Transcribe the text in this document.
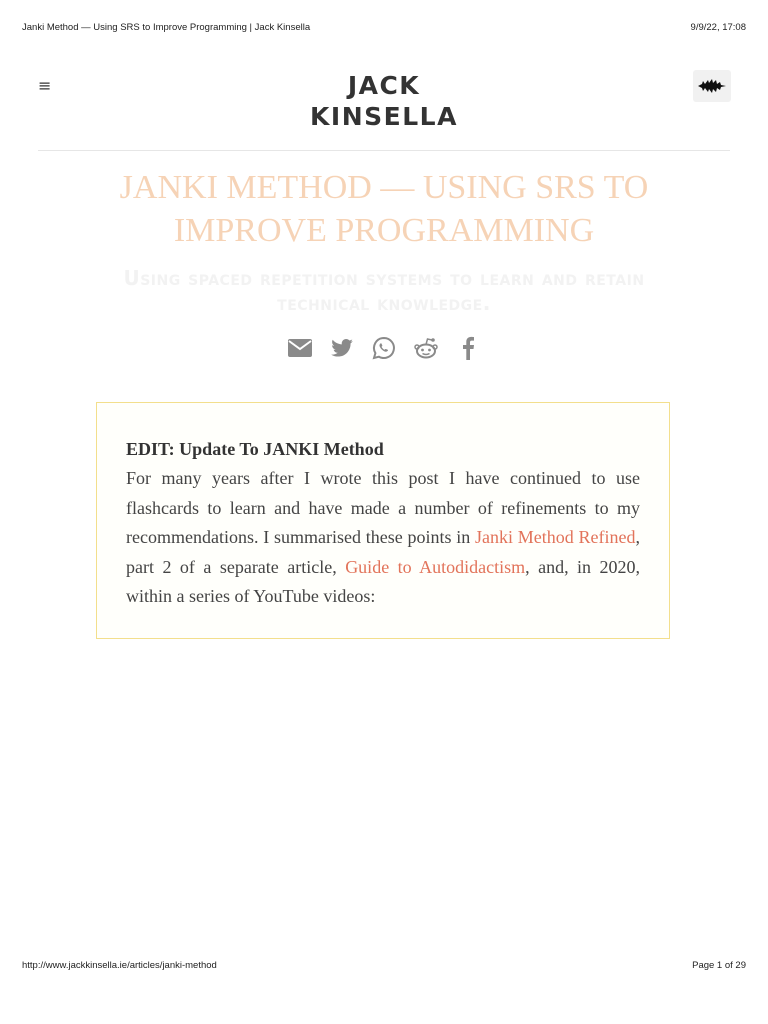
Janki Method — Using SRS to Improve Programming | Jack Kinsella	9/9/22, 17:08
≡	JACK
KINSELLA
JANKI METHOD — USING SRS TO IMPROVE PROGRAMMING
Using spaced repetition systems to learn and retain technical knowledge.

EDIT: Update To JANKI Method

For many years after I wrote this post I have continued to use flashcards to learn and have made a number of refinements to my recommendations. I summarised these points in Janki Method Refined, part 2 of a separate article, Guide to Autodidactism, and, in 2020, within a series of YouTube videos:

http://www.jackkinsella.ie/articles/janki-method	Page 1 of 29
